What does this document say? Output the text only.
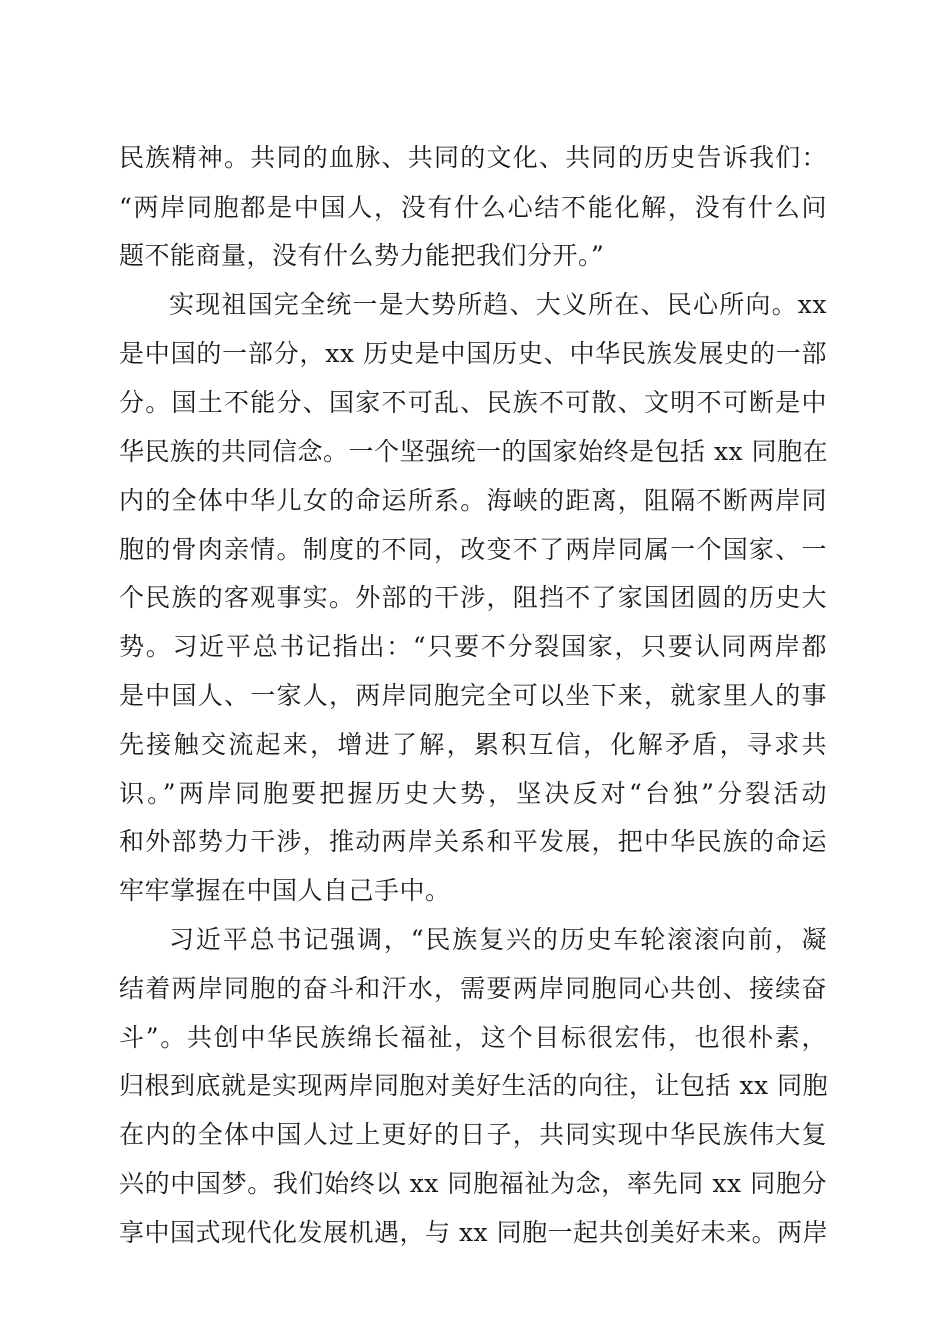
民族精神。共同的血脉、共同的文化、共同的历史告诉我们：
“两岸同胞都是中国人，没有什么心结不能化解，没有什么问
题不能商量，没有什么势力能把我们分开。”
实现祖国完全统一是大势所趋、大义所在、民心所向。xx
是中国的一部分，xx 历史是中国历史、中华民族发展史的一部
分。国土不能分、国家不可乱、民族不可散、文明不可断是中
华民族的共同信念。一个坚强统一的国家始终是包括 xx 同胞在
内的全体中华儿女的命运所系。海峡的距离，阻隔不断两岸同
胞的骨肉亲情。制度的不同，改变不了两岸同属一个国家、一
个民族的客观事实。外部的干涉，阻挡不了家国团圆的历史大
势。习近平总书记指出：“只要不分裂国家，只要认同两岸都
是中国人、一家人，两岸同胞完全可以坐下来，就家里人的事
先接触交流起来，增进了解，累积互信，化解矛盾，寻求共
识。”两岸同胞要把握历史大势，坚决反对“台独”分裂活动
和外部势力干涉，推动两岸关系和平发展，把中华民族的命运
牢牢掌握在中国人自己手中。
习近平总书记强调，“民族复兴的历史车轮滚滚向前，凝
结着两岸同胞的奋斗和汗水，需要两岸同胞同心共创、接续奋
斗”。共创中华民族绵长福祉，这个目标很宏伟，也很朴素，
归根到底就是实现两岸同胞对美好生活的向往，让包括 xx 同胞
在内的全体中国人过上更好的日子，共同实现中华民族伟大复
兴的中国梦。我们始终以 xx 同胞福祉为念，率先同 xx 同胞分
享中国式现代化发展机遇，与 xx 同胞一起共创美好未来。两岸
